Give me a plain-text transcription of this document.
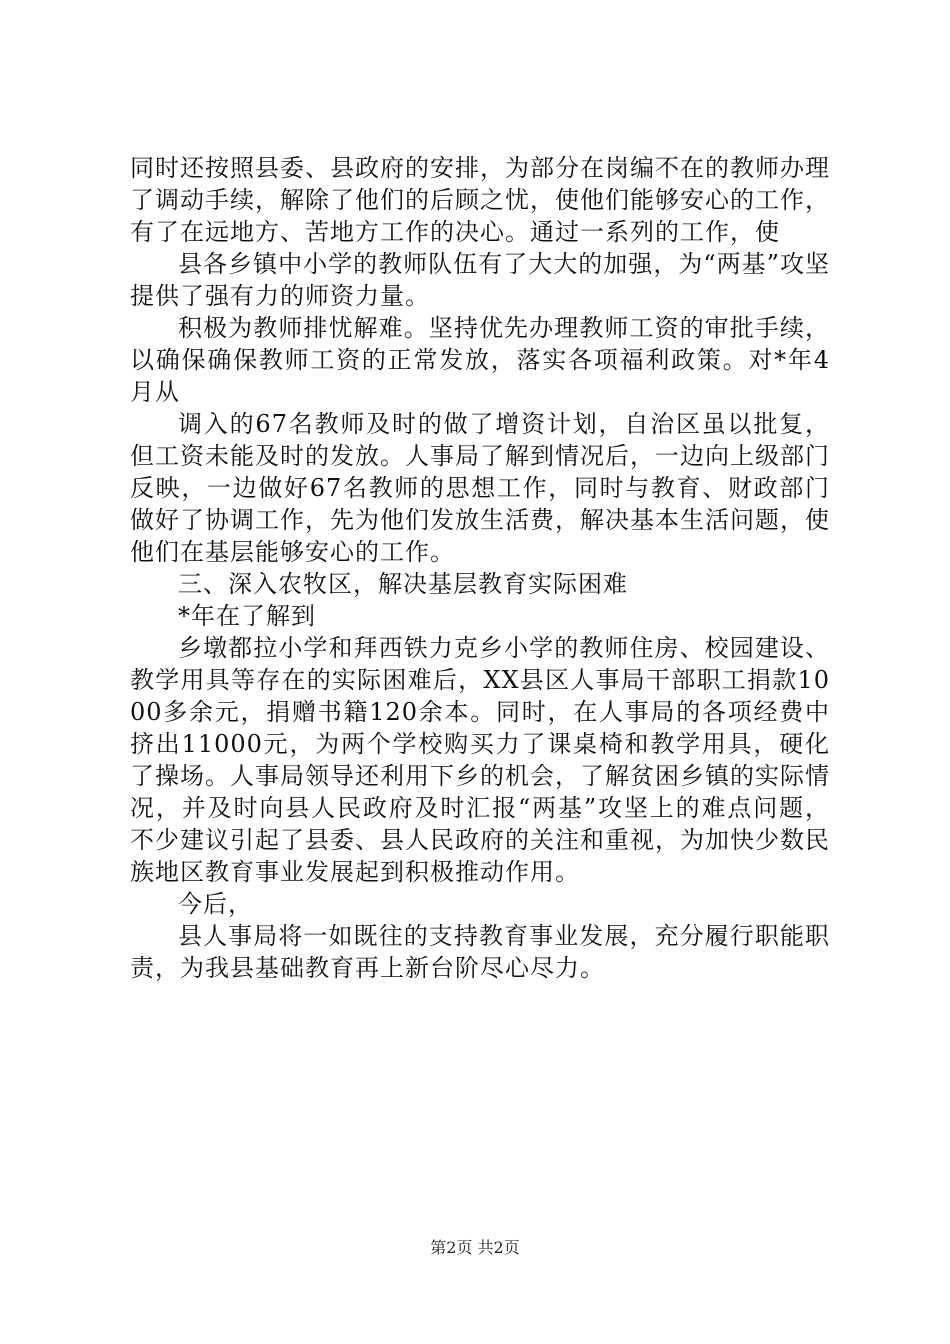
同时还按照县委、县政府的安排，为部分在岗编不在的教师办理了调动手续，解除了他们的后顾之忧，使他们能够安心的工作，有了在远地方、苦地方工作的决心。通过一系列的工作，使

县各乡镇中小学的教师队伍有了大大的加强，为“两基”攻坚提供了强有力的师资力量。

积极为教师排忧解难。坚持优先办理教师工资的审批手续，以确保确保教师工资的正常发放，落实各项福利政策。对*年4月从

调入的67名教师及时的做了增资计划，自治区虽以批复，但工资未能及时的发放。人事局了解到情况后，一边向上级部门反映，一边做好67名教师的思想工作，同时与教育、财政部门做好了协调工作，先为他们发放生活费，解决基本生活问题，使他们在基层能够安心的工作。

三、深入农牧区，解决基层教育实际困难

*年在了解到

乡墩都拉小学和拜西铁力克乡小学的教师住房、校园建设、教学用具等存在的实际困难后，XX县区人事局干部职工捐款1000多余元，捐赠书籍120余本。同时，在人事局的各项经费中挤出11000元，为两个学校购买力了课桌椅和教学用具，硬化了操场。人事局领导还利用下乡的机会，了解贫困乡镇的实际情况，并及时向县人民政府及时汇报“两基”攻坚上的难点问题，不少建议引起了县委、县人民政府的关注和重视，为加快少数民族地区教育事业发展起到积极推动作用。

今后，

县人事局将一如既往的支持教育事业发展，充分履行职能职责，为我县基础教育再上新台阶尽心尽力。

第2页 共2页
